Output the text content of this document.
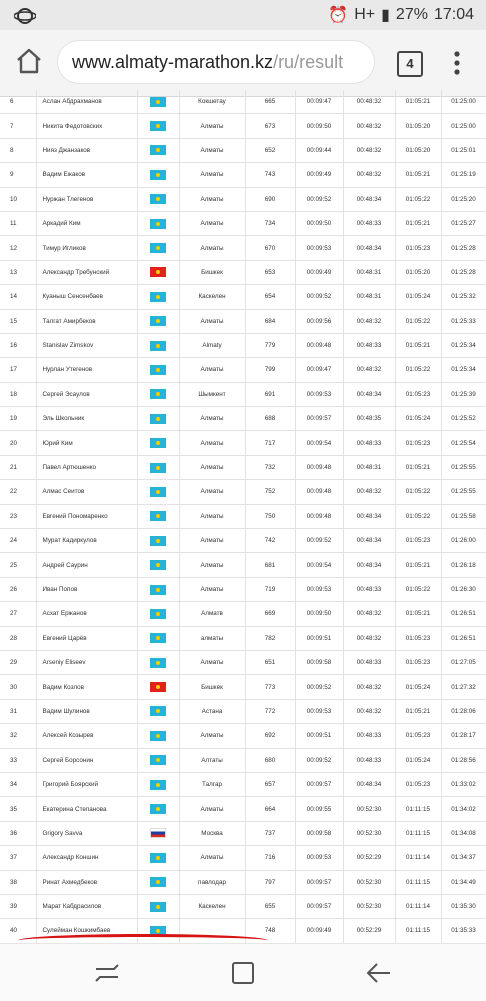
⏰ H+ ▮ 27% 17:04
www.almaty-marathon.kz/ru/result	4
6	Аслан Абдрахманов		Кокшетау	665	00:09:47	00:48:32	01:05:21	01:25:00
7	Никита Федотовских		Алматы	673	00:09:50	00:48:32	01:05:20	01:25:00
8	Нияз Джанзаков		Алматы	652	00:09:44	00:48:32	01:05:20	01:25:01
9	Вадим Ежаков		Алматы	743	00:09:49	00:48:32	01:05:21	01:25:19
10	Нуржан Тлегенов		Алматы	690	00:09:52	00:48:34	01:05:22	01:25:20
11	Аркадий Ким		Алматы	734	00:09:50	00:48:33	01:05:21	01:25:27
12	Тимур Игликов		Алматы	670	00:09:53	00:48:34	01:05:23	01:25:28
13	Александр Требунский		Бишкек	653	00:09:49	00:48:31	01:05:20	01:25:28
14	Куаныш Сенсенбаев		Каскелен	654	00:09:52	00:48:31	01:05:24	01:25:32
15	Талгат Амирбеков		Алматы	684	00:09:56	00:48:32	01:05:22	01:25:33
16	Stanislav Zimskov		Almaty	779	00:09:48	00:48:33	01:05:21	01:25:34
17	Нурлан Утегенов		Алматы	799	00:09:47	00:48:32	01:05:22	01:25:34
18	Сергей Эсаулов		Шымкент	691	00:09:53	00:48:34	01:05:23	01:25:39
19	Эль Школьник		Алматы	688	00:09:57	00:48:35	01:05:24	01:25:52
20	Юрий Ким		Алматы	717	00:09:54	00:48:33	01:05:23	01:25:54
21	Павел Артюшенко		Алматы	732	00:09:48	00:48:31	01:05:21	01:25:55
22	Алмас Сеитов		Алматы	752	00:09:48	00:48:32	01:05:22	01:25:55
23	Евгений Пономаренко		Алматы	750	00:09:48	00:48:34	01:05:22	01:25:58
24	Мурат Кадиркулов		Алматы	742	00:09:52	00:48:34	01:05:23	01:26:00
25	Андрей Саурин		Алматы	681	00:09:54	00:48:34	01:05:21	01:26:18
26	Иван Попов		Алматы	719	00:09:53	00:48:33	01:05:22	01:26:30
27	Асхат Ержанов		Алматв	669	00:09:50	00:48:32	01:05:21	01:26:51
28	Евгений Царёв		алматы	782	00:09:51	00:48:32	01:05:23	01:26:51
29	Arseniy Eliseev		Алматы	651	00:09:58	00:48:33	01:05:23	01:27:05
30	Вадим Козлов		Бишкек	773	00:09:52	00:48:32	01:05:24	01:27:32
31	Вадим Шулинов		Астана	772	00:09:53	00:48:32	01:05:21	01:28:06
32	Алексей Козырев		Алматы	692	00:09:51	00:48:33	01:05:23	01:28:17
33	Сергей Борсонин		Алтаты	680	00:09:52	00:48:33	01:05:24	01:28:56
34	Григорий Боярский		Талгар	657	00:09:57	00:48:34	01:05:23	01:33:02
35	Екатерина Степанова		Алматы	664	00:09:55	00:52:30	01:11:15	01:34:02
36	Grigory Savva		Москва	737	00:09:58	00:52:30	01:11:15	01:34:08
37	Александр Коншин		Алматы	716	00:09:53	00:52:29	01:11:14	01:34:37
38	Ринат Ахмедбеков		павлодар	797	00:09:57	00:52:30	01:11:15	01:34:49
39	Марат Кабдрасилов		Каскелен	655	00:09:57	00:52:30	01:11:14	01:35:30
40	Сулейман Кошкимбаев			748	00:09:49	00:52:29	01:11:15	01:35:33
